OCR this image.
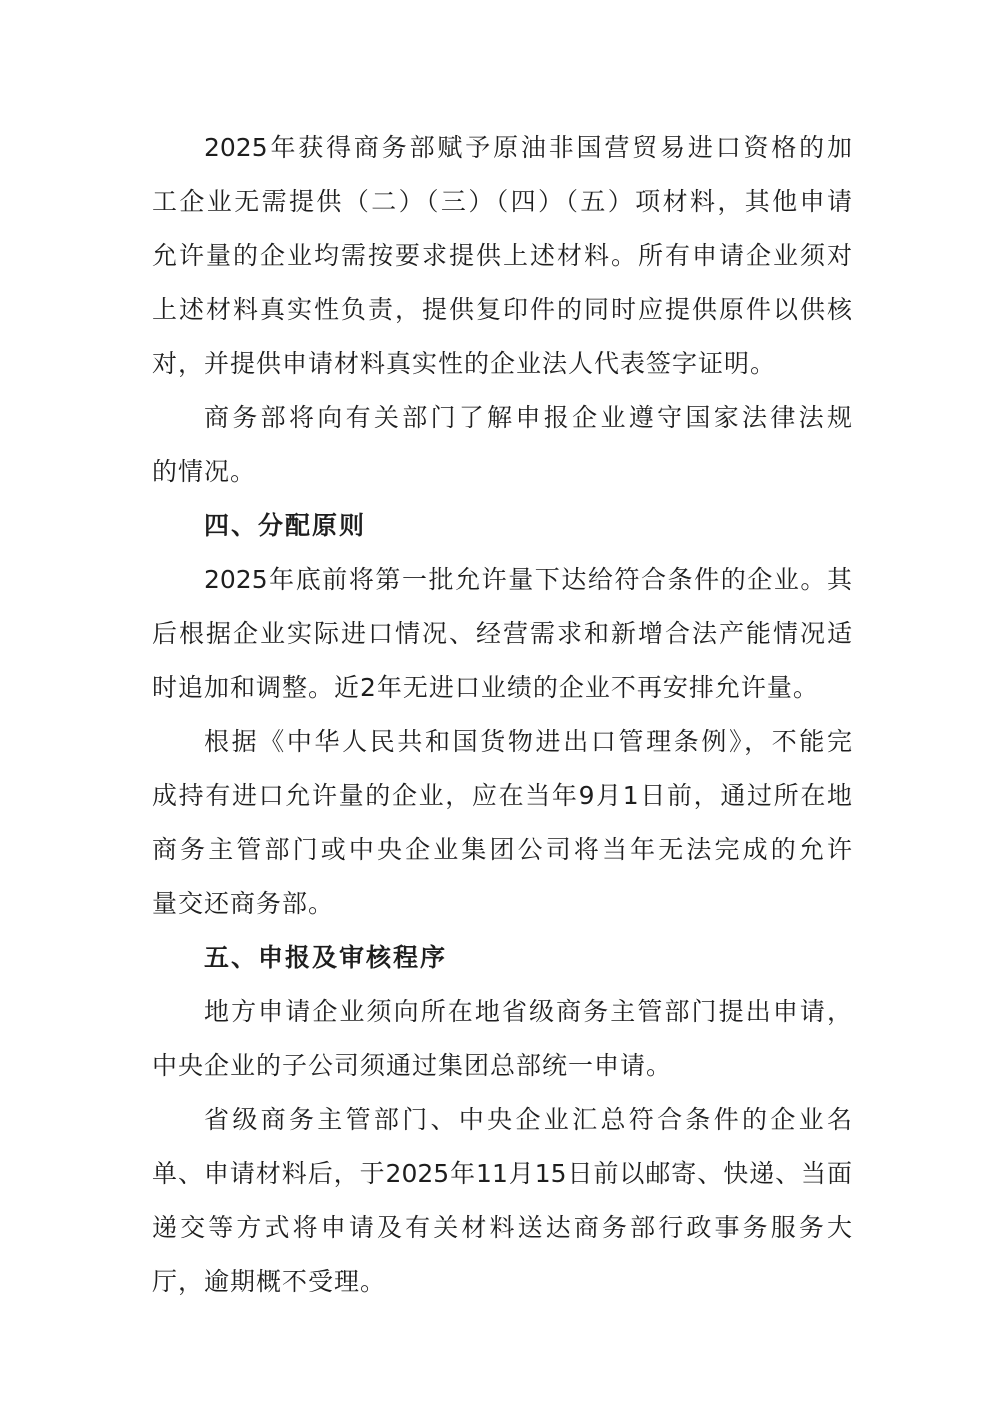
2025年获得商务部赋予原油非国营贸易进口资格的加
工企业无需提供（二）（三）（四）（五）项材料，其他申请
允许量的企业均需按要求提供上述材料。所有申请企业须对
上述材料真实性负责，提供复印件的同时应提供原件以供核
对，并提供申请材料真实性的企业法人代表签字证明。
商务部将向有关部门了解申报企业遵守国家法律法规
的情况。
四、分配原则
2025年底前将第一批允许量下达给符合条件的企业。其
后根据企业实际进口情况、经营需求和新增合法产能情况适
时追加和调整。近2年无进口业绩的企业不再安排允许量。
根据《中华人民共和国货物进出口管理条例》，不能完
成持有进口允许量的企业，应在当年9月1日前，通过所在地
商务主管部门或中央企业集团公司将当年无法完成的允许
量交还商务部。
五、申报及审核程序
地方申请企业须向所在地省级商务主管部门提出申请，
中央企业的子公司须通过集团总部统一申请。
省级商务主管部门、中央企业汇总符合条件的企业名
单、申请材料后，于2025年11月15日前以邮寄、快递、当面
递交等方式将申请及有关材料送达商务部行政事务服务大
厅，逾期概不受理。
